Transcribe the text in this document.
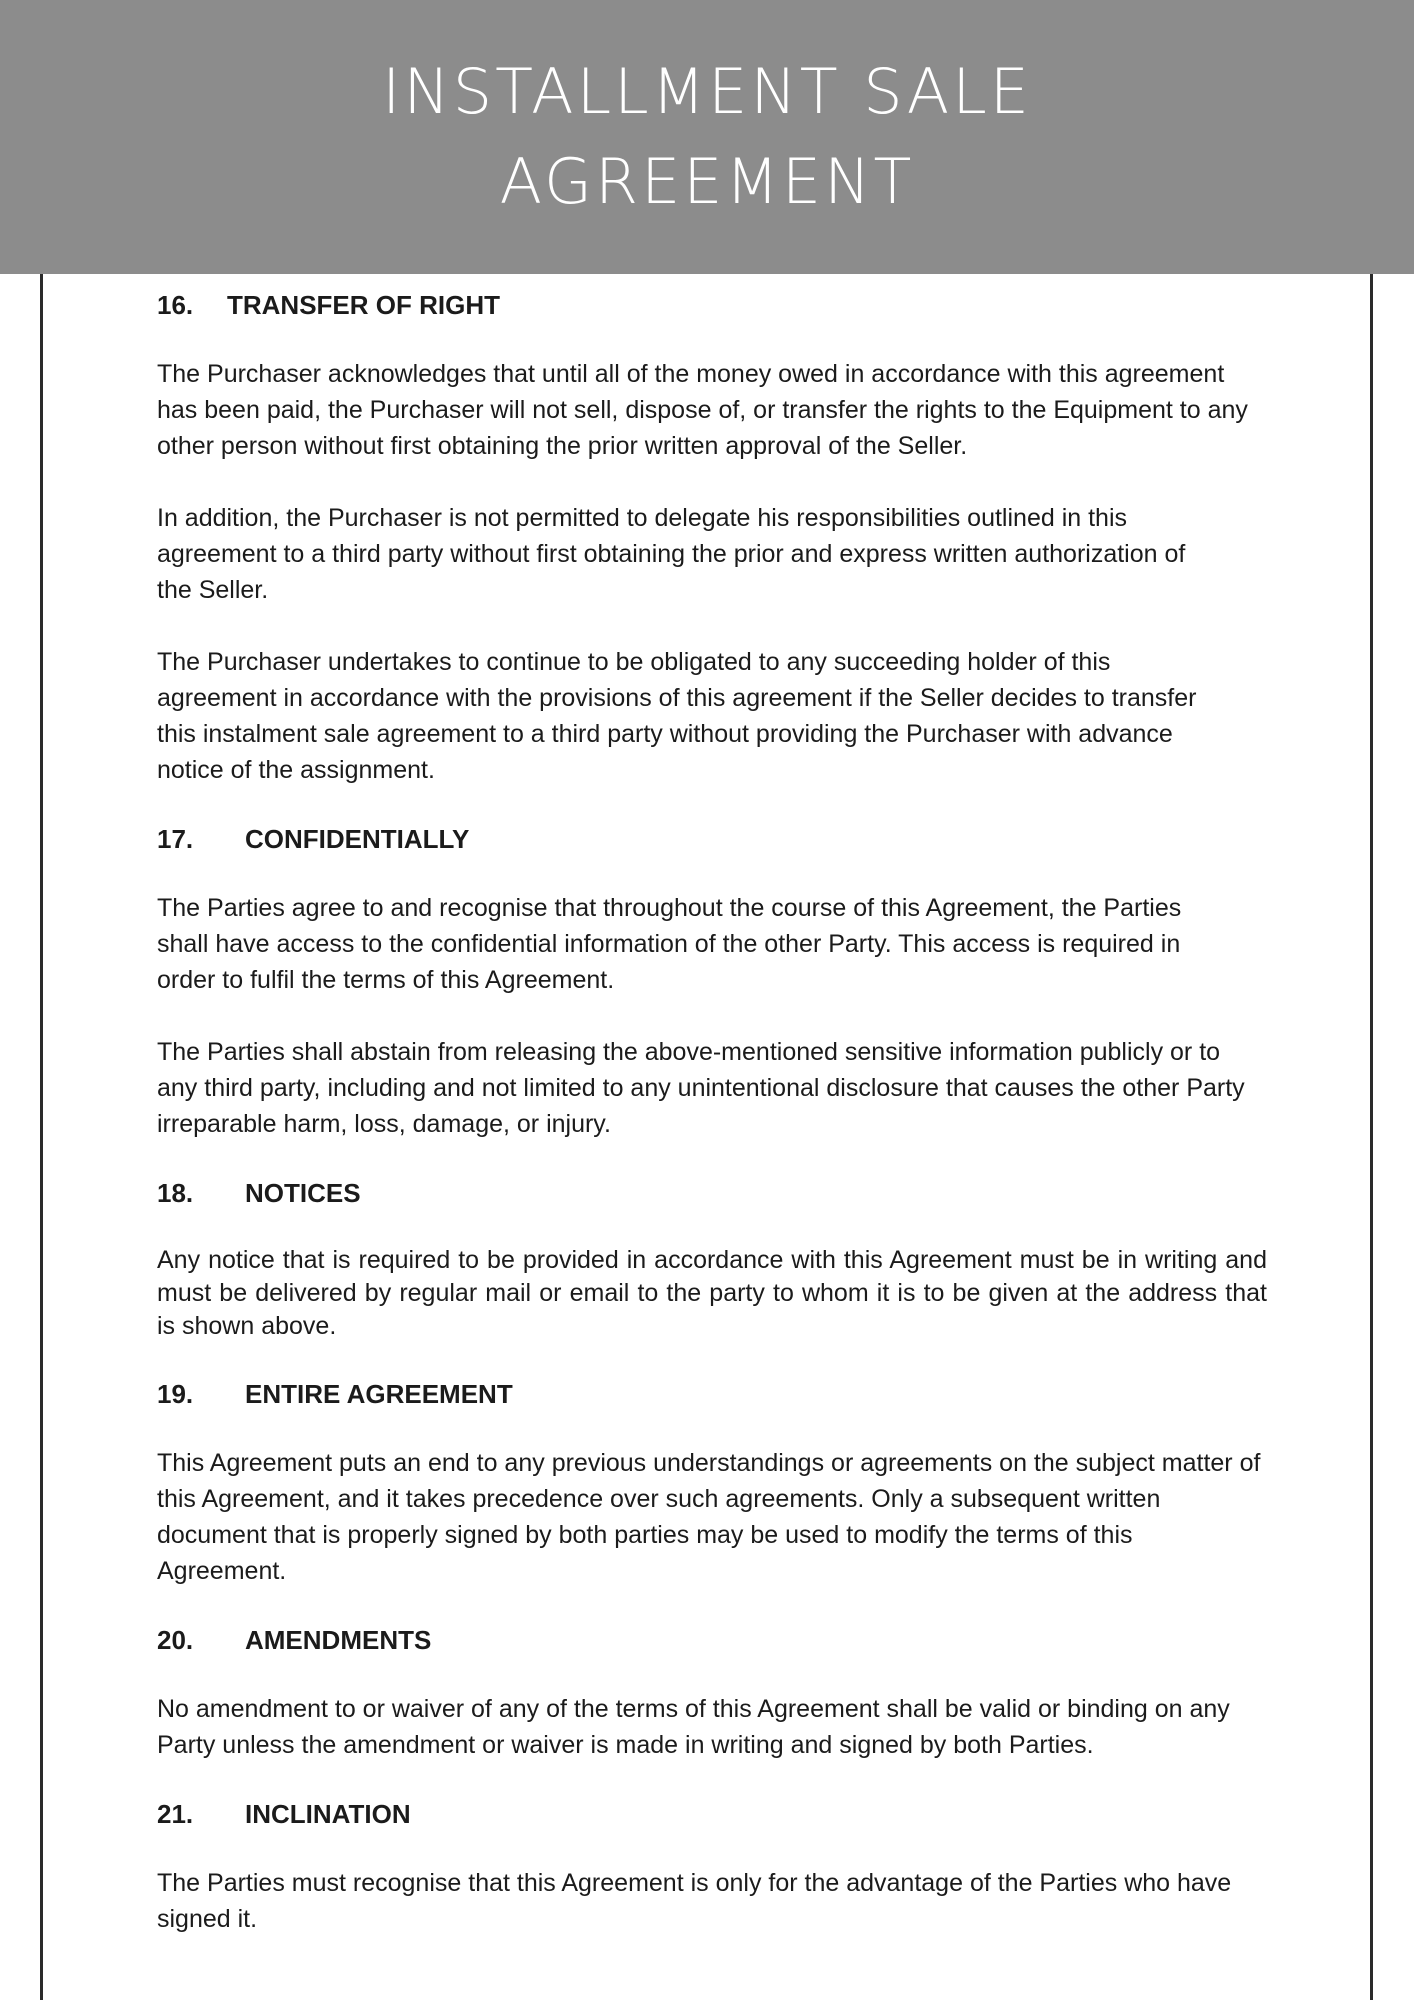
INSTALLMENT SALE
AGREEMENT
16.	TRANSFER OF RIGHT

The Purchaser acknowledges that until all of the money owed in accordance with this agreement has been paid, the Purchaser will not sell, dispose of, or transfer the rights to the Equipment to any other person without first obtaining the prior written approval of the Seller.

In addition, the Purchaser is not permitted to delegate his responsibilities outlined in this agreement to a third party without first obtaining the prior and express written authorization of the Seller.

The Purchaser undertakes to continue to be obligated to any succeeding holder of this agreement in accordance with the provisions of this agreement if the Seller decides to transfer this instalment sale agreement to a third party without providing the Purchaser with advance notice of the assignment.

17.	CONFIDENTIALLY

The Parties agree to and recognise that throughout the course of this Agreement, the Parties shall have access to the confidential information of the other Party. This access is required in order to fulfil the terms of this Agreement.

The Parties shall abstain from releasing the above-mentioned sensitive information publicly or to any third party, including and not limited to any unintentional disclosure that causes the other Party irreparable harm, loss, damage, or injury.

18.	NOTICES

Any notice that is required to be provided in accordance with this Agreement must be in writing and must be delivered by regular mail or email to the party to whom it is to be given at the address that is shown above.

19.	ENTIRE AGREEMENT

This Agreement puts an end to any previous understandings or agreements on the subject matter of this Agreement, and it takes precedence over such agreements. Only a subsequent written document that is properly signed by both parties may be used to modify the terms of this Agreement.

20.	AMENDMENTS

No amendment to or waiver of any of the terms of this Agreement shall be valid or binding on any Party unless the amendment or waiver is made in writing and signed by both Parties.

21.	INCLINATION

The Parties must recognise that this Agreement is only for the advantage of the Parties who have signed it.
